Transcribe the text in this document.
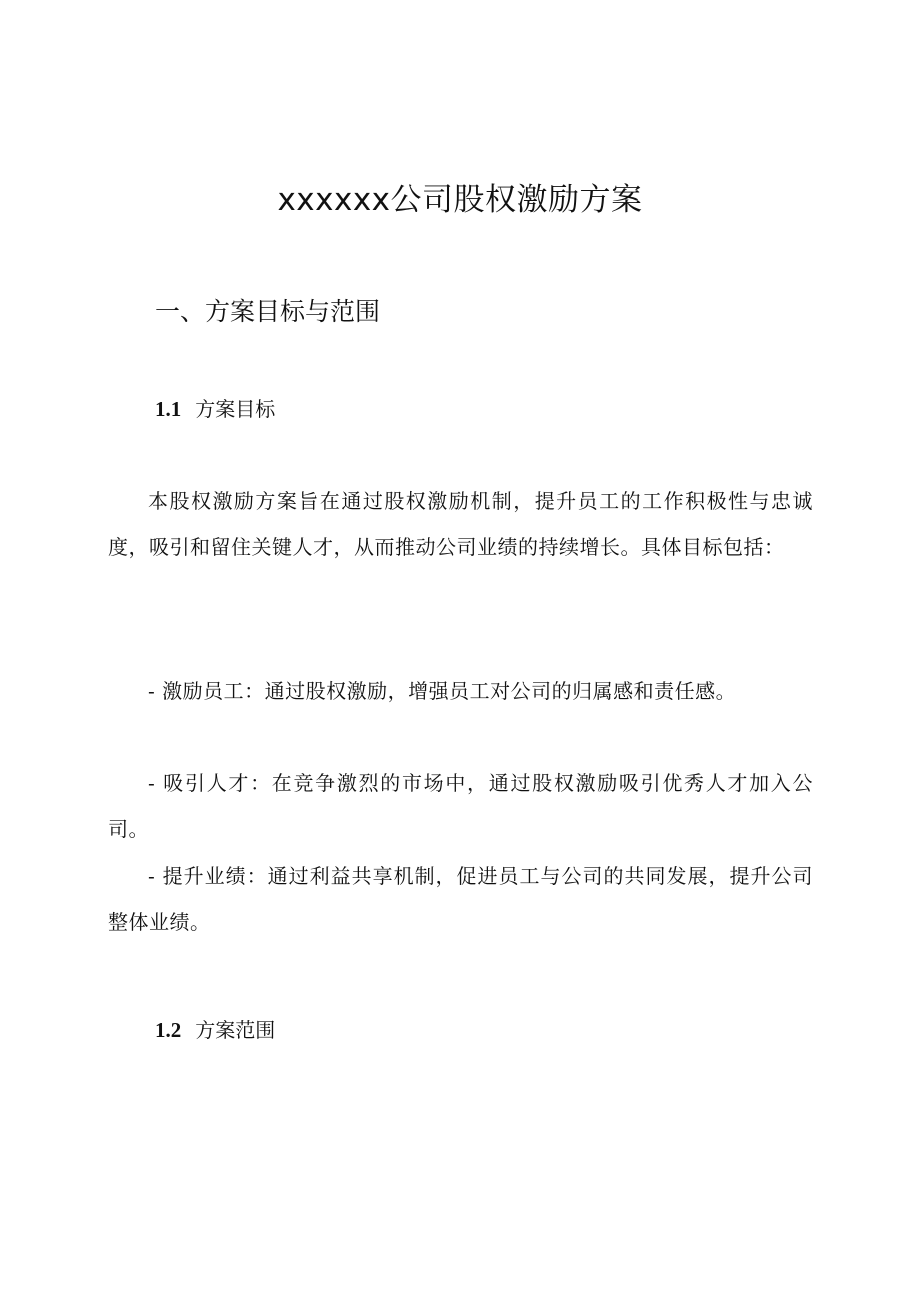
xxxxxx公司股权激励方案
一、方案目标与范围
1.1 方案目标

本股权激励方案旨在通过股权激励机制，提升员工的工作积极性与忠诚度，吸引和留住关键人才，从而推动公司业绩的持续增长。具体目标包括：

- 激励员工：通过股权激励，增强员工对公司的归属感和责任感。

- 吸引人才：在竞争激烈的市场中，通过股权激励吸引优秀人才加入公司。

- 提升业绩：通过利益共享机制，促进员工与公司的共同发展，提升公司整体业绩。

1.2 方案范围
